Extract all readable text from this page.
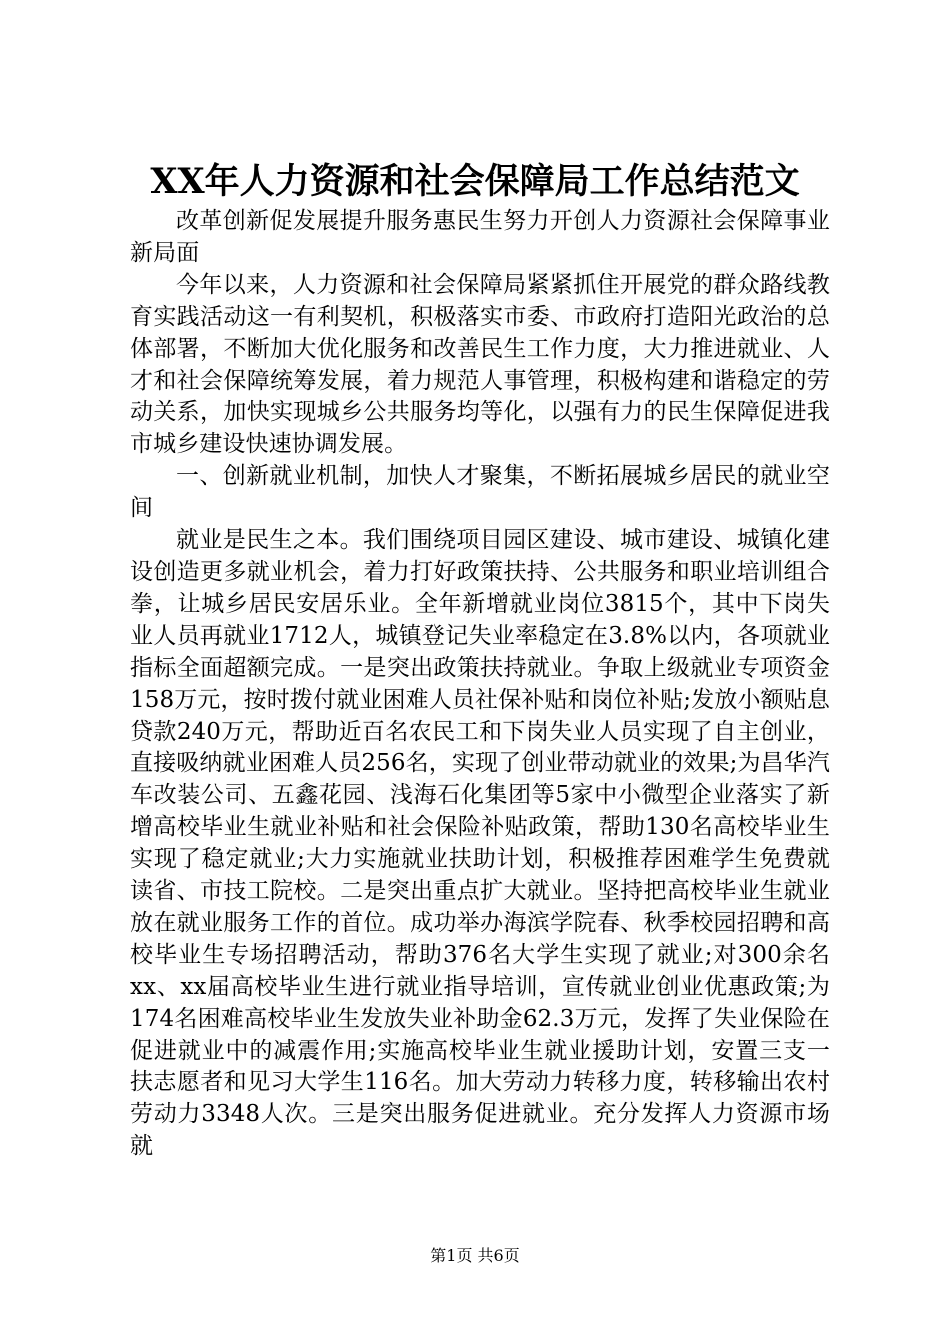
XX年人力资源和社会保障局工作总结范文

改革创新促发展提升服务惠民生努力开创人力资源社会保障事业新局面

今年以来，人力资源和社会保障局紧紧抓住开展党的群众路线教育实践活动这一有利契机，积极落实市委、市政府打造阳光政治的总体部署，不断加大优化服务和改善民生工作力度，大力推进就业、人才和社会保障统筹发展，着力规范人事管理，积极构建和谐稳定的劳动关系，加快实现城乡公共服务均等化，以强有力的民生保障促进我市城乡建设快速协调发展。

一、创新就业机制，加快人才聚集，不断拓展城乡居民的就业空间

就业是民生之本。我们围绕项目园区建设、城市建设、城镇化建设创造更多就业机会，着力打好政策扶持、公共服务和职业培训组合拳，让城乡居民安居乐业。全年新增就业岗位3815个，其中下岗失业人员再就业1712人，城镇登记失业率稳定在3.8%以内，各项就业指标全面超额完成。一是突出政策扶持就业。争取上级就业专项资金158万元，按时拨付就业困难人员社保补贴和岗位补贴;发放小额贴息贷款240万元，帮助近百名农民工和下岗失业人员实现了自主创业，直接吸纳就业困难人员256名，实现了创业带动就业的效果;为昌华汽车改装公司、五鑫花园、浅海石化集团等5家中小微型企业落实了新增高校毕业生就业补贴和社会保险补贴政策，帮助130名高校毕业生实现了稳定就业;大力实施就业扶助计划，积极推荐困难学生免费就读省、市技工院校。二是突出重点扩大就业。坚持把高校毕业生就业放在就业服务工作的首位。成功举办海滨学院春、秋季校园招聘和高校毕业生专场招聘活动，帮助376名大学生实现了就业;对300余名xx、xx届高校毕业生进行就业指导培训，宣传就业创业优惠政策;为174名困难高校毕业生发放失业补助金62.3万元，发挥了失业保险在促进就业中的减震作用;实施高校毕业生就业援助计划，安置三支一扶志愿者和见习大学生116名。加大劳动力转移力度，转移输出农村劳动力3348人次。三是突出服务促进就业。充分发挥人力资源市场就

第1页 共6页
